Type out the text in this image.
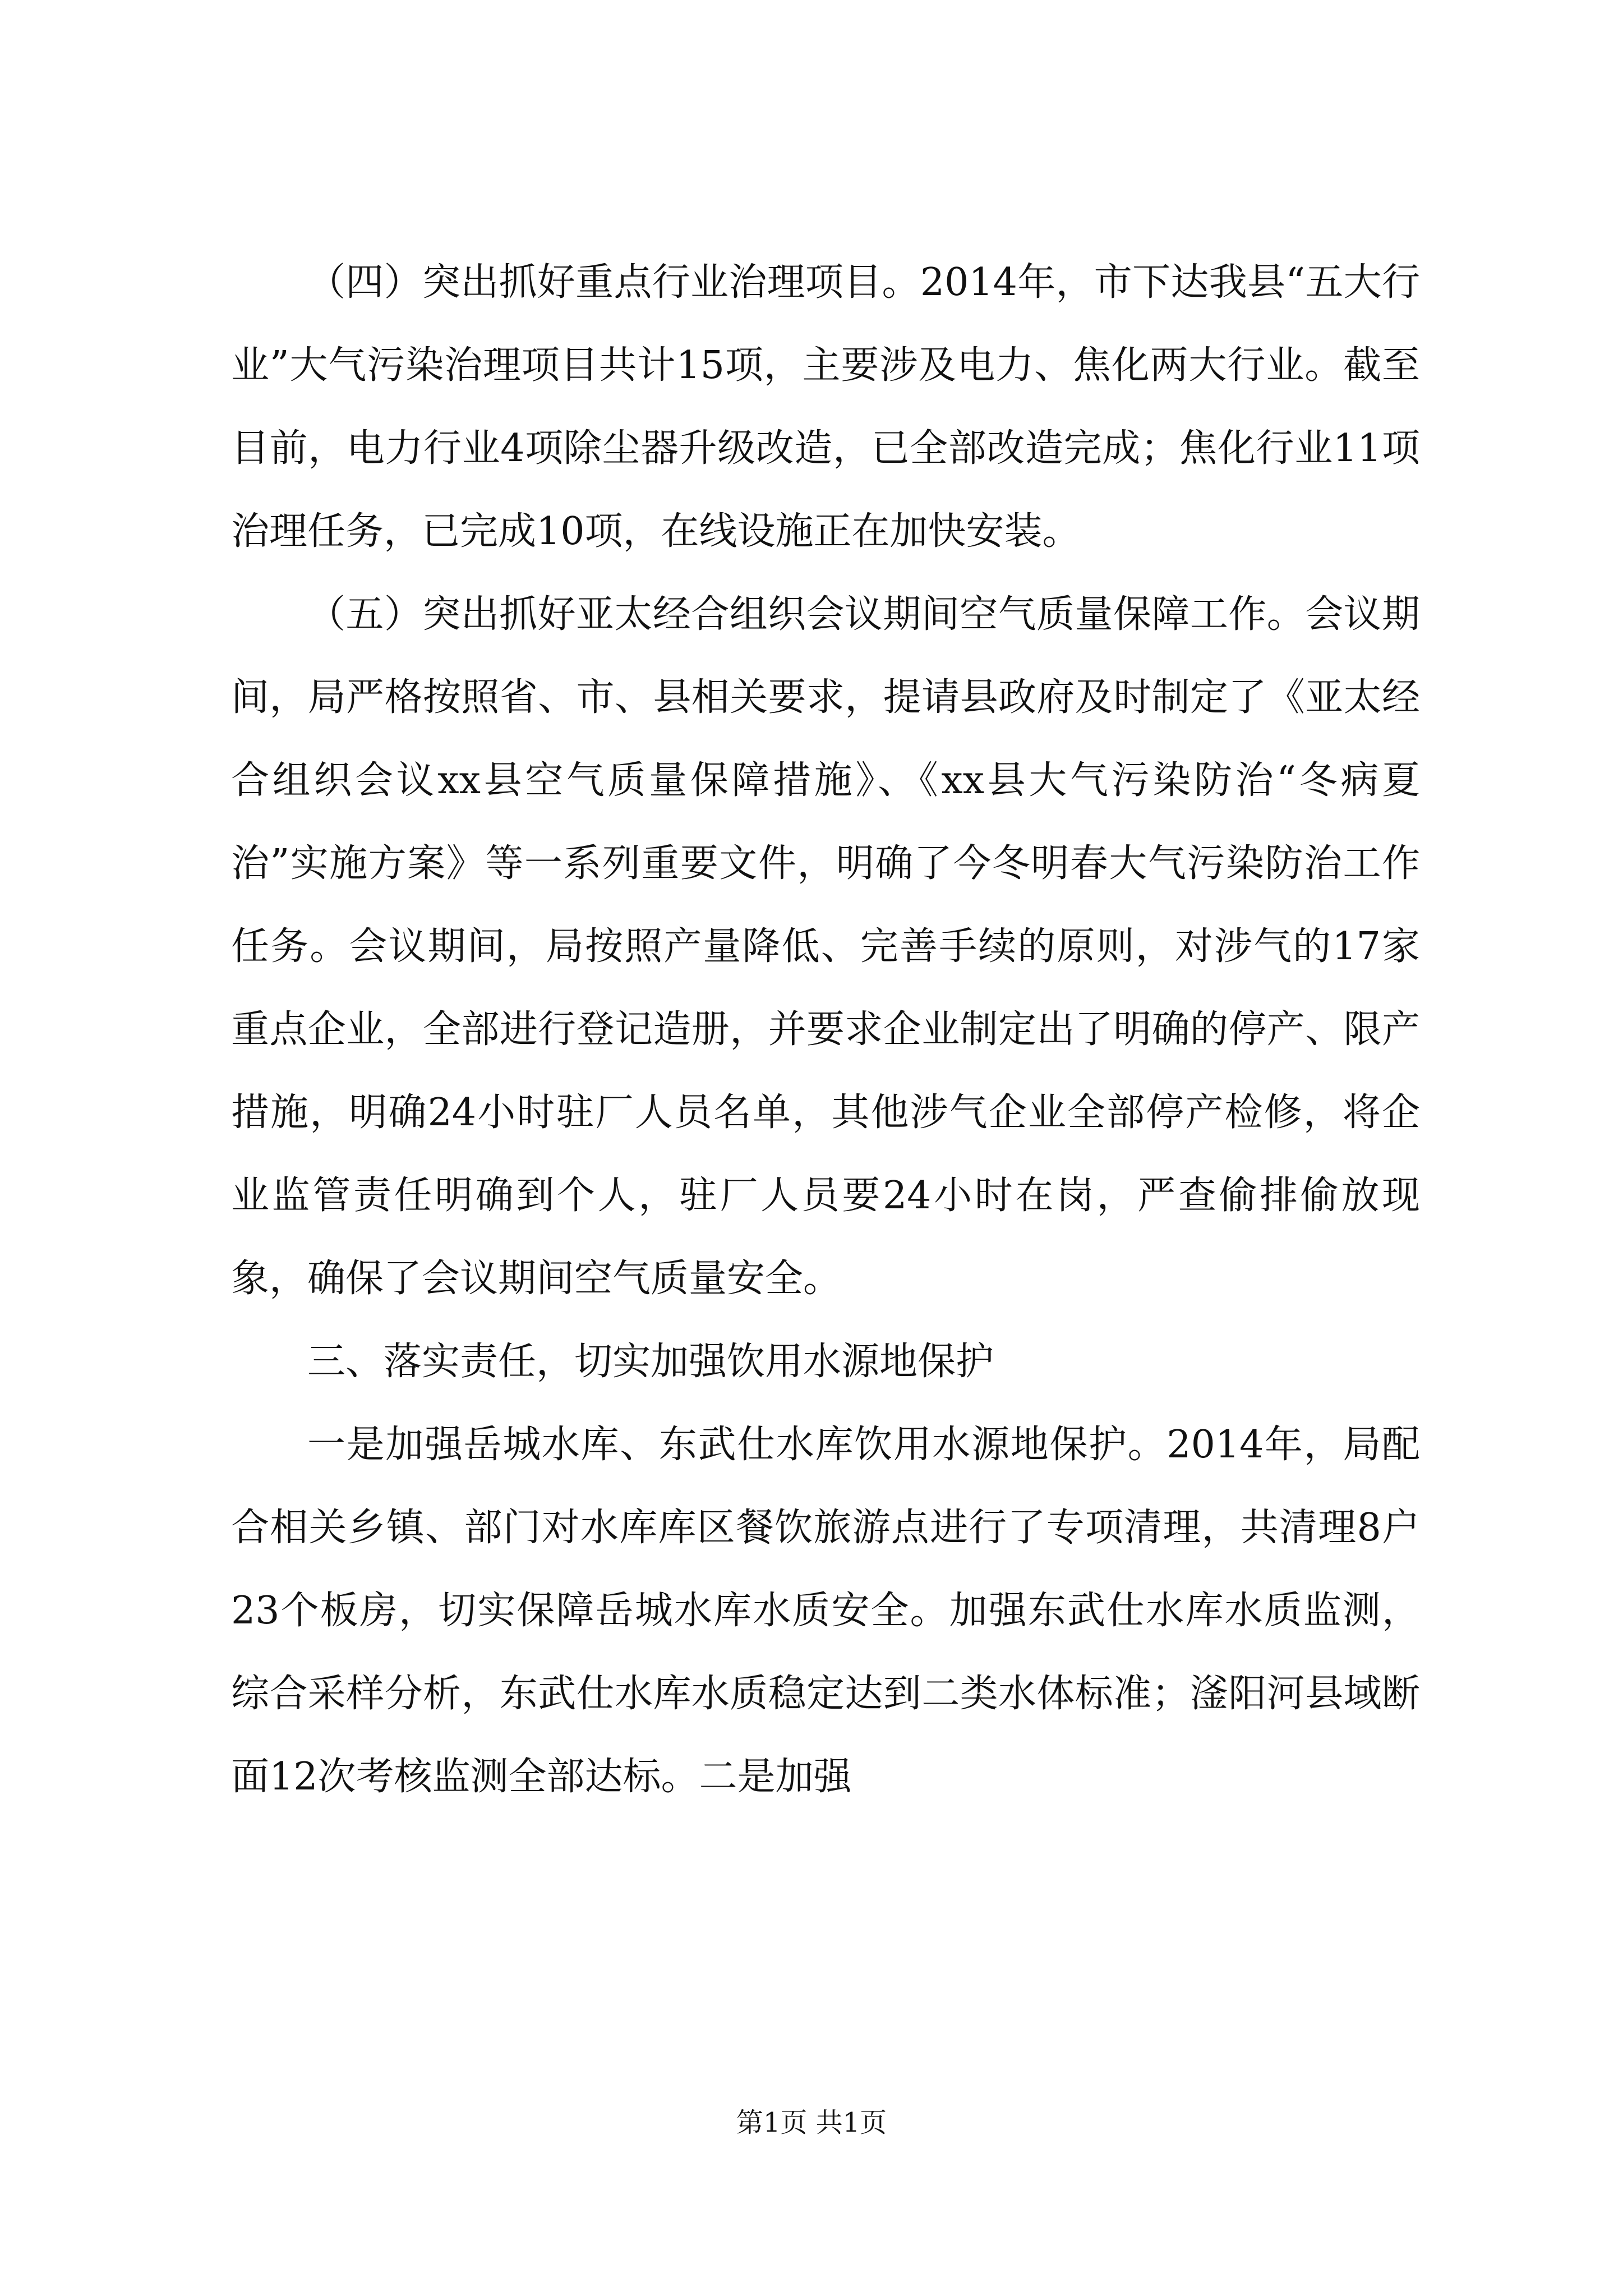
（四）突出抓好重点行业治理项目。2014年，市下达我县“五大行业”大气污染治理项目共计15项，主要涉及电力、焦化两大行业。截至目前，电力行业4项除尘器升级改造，已全部改造完成；焦化行业11项治理任务，已完成10项，在线设施正在加快安装。

（五）突出抓好亚太经合组织会议期间空气质量保障工作。会议期间，局严格按照省、市、县相关要求，提请县政府及时制定了《亚太经合组织会议xx县空气质量保障措施》、《xx县大气污染防治“冬病夏治”实施方案》等一系列重要文件，明确了今冬明春大气污染防治工作任务。会议期间，局按照产量降低、完善手续的原则，对涉气的17家重点企业，全部进行登记造册，并要求企业制定出了明确的停产、限产措施，明确24小时驻厂人员名单，其他涉气企业全部停产检修，将企业监管责任明确到个人，驻厂人员要24小时在岗，严查偷排偷放现象，确保了会议期间空气质量安全。

三、落实责任，切实加强饮用水源地保护

一是加强岳城水库、东武仕水库饮用水源地保护。2014年，局配合相关乡镇、部门对水库库区餐饮旅游点进行了专项清理，共清理8户23个板房，切实保障岳城水库水质安全。加强东武仕水库水质监测，综合采样分析，东武仕水库水质稳定达到二类水体标准；滏阳河县域断面12次考核监测全部达标。二是加强

第1页 共1页
